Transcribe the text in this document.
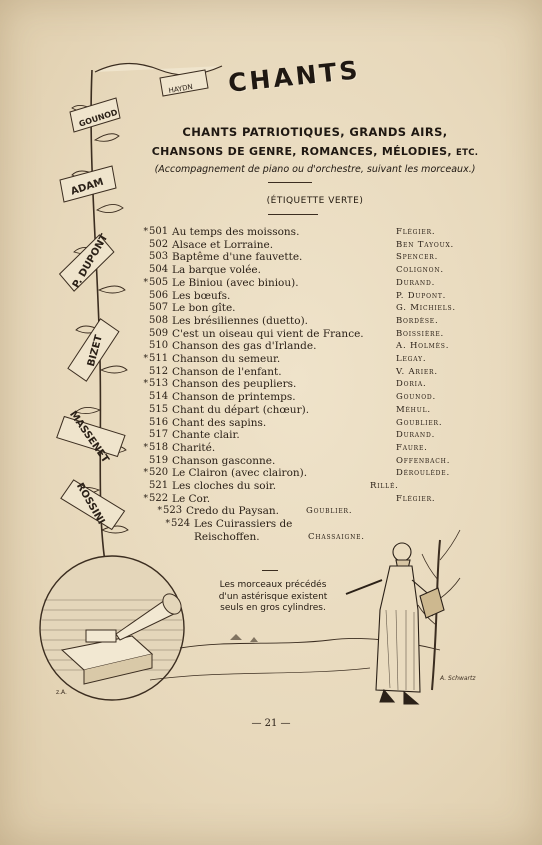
HAYDN
GOUNOD
ADAM
P. DUPONT
BIZET
MASSENET
ROSSINI
z.A.
A. Schwartz
CHANTS
CHANTS PATRIOTIQUES, GRANDS AIRS,
CHANSONS DE GENRE, ROMANCES, MÉLODIES, ETC.
(Accompagnement de piano ou d'orchestre, suivant les morceaux.)
(ÉTIQUETTE VERTE)
* 501 Au temps des moissons.	Flégier.
502 Alsace et Lorraine.	Ben Tayoux.
503 Baptême d'une fauvette.	Spencer.
504 La barque volée.	Colignon.
* 505 Le Biniou (avec biniou).	Durand.
506 Les bœufs.	P. Dupont.
507 Le bon gîte.	G. Michiels.
508 Les brésiliennes (duetto).	Bordèse.
509 C'est un oiseau qui vient de France.	Boissière.
510 Chanson des gas d'Irlande.	A. Holmès.
* 511 Chanson du semeur.	Legay.
512 Chanson de l'enfant.	V. Arier.
* 513 Chanson des peupliers.	Doria.
514 Chanson de printemps.	Gounod.
515 Chant du départ (chœur).	Méhul.
516 Chant des sapins.	Goublier.
517 Chante clair.	Durand.
* 518 Charité.	Faure.
519 Chanson gasconne.	Offenbach.
* 520 Le Clairon (avec clairon).	Déroulède.
521 Les cloches du soir.	Rillé.
* 522 Le Cor.	Flégier.
* 523 Credo du Paysan.	Goublier.
* 524 Les Cuirassiers de
Reischoffen.	Chassaigne.
Les morceaux précédés
d'un astérisque existent
seuls en gros cylindres.
— 21 —
